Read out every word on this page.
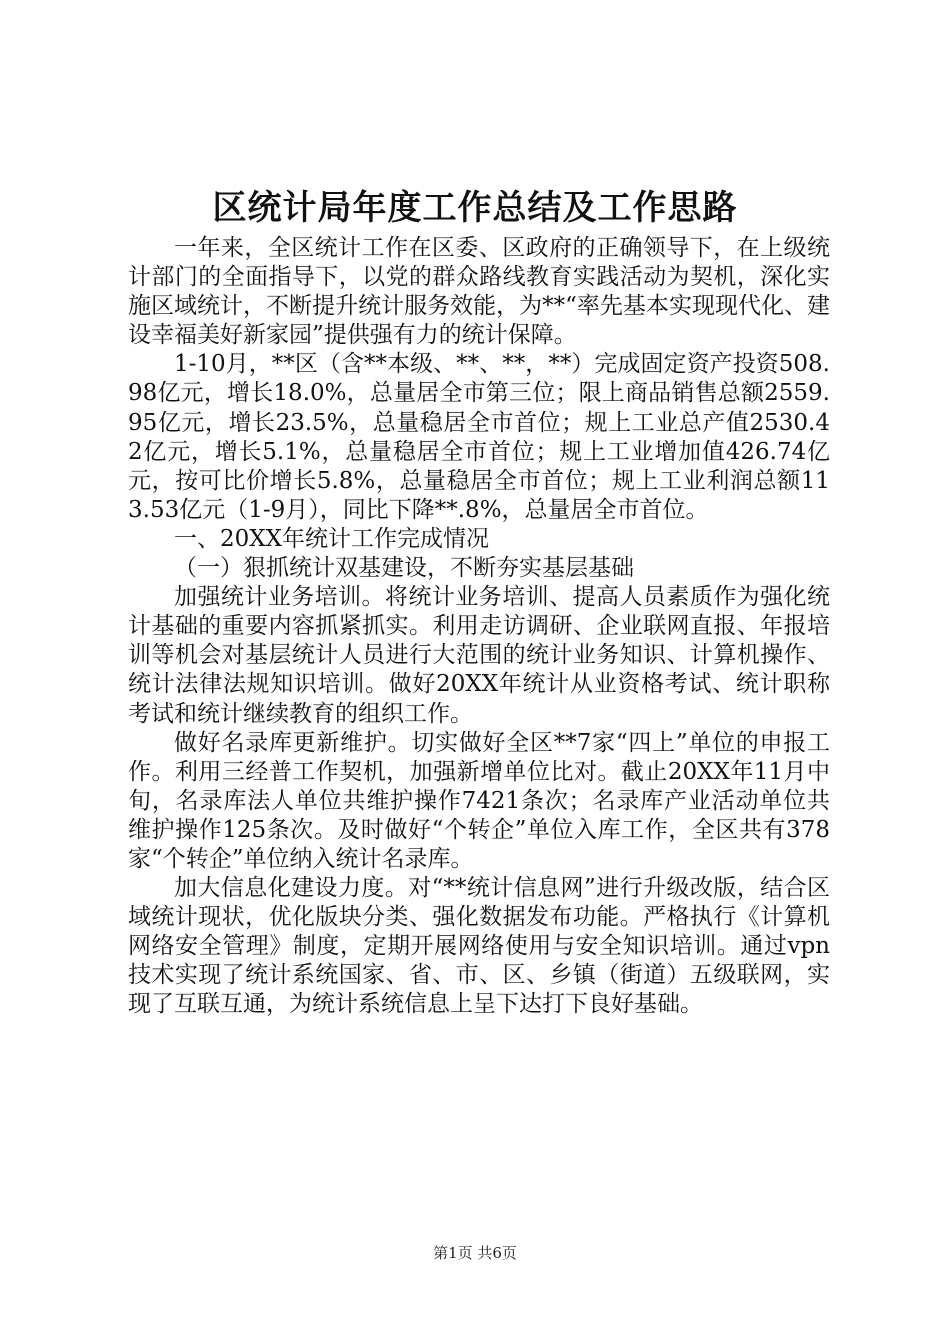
区统计局年度工作总结及工作思路

一年来，全区统计工作在区委、区政府的正确领导下，在上级统计部门的全面指导下，以党的群众路线教育实践活动为契机，深化实施区域统计，不断提升统计服务效能，为**“率先基本实现现代化、建设幸福美好新家园”提供强有力的统计保障。

1-10月，**区（含**本级、**、**，**）完成固定资产投资508.98亿元，增长18.0%，总量居全市第三位；限上商品销售总额2559.95亿元，增长23.5%，总量稳居全市首位；规上工业总产值2530.42亿元，增长5.1%，总量稳居全市首位；规上工业增加值426.74亿元，按可比价增长5.8%，总量稳居全市首位；规上工业利润总额113.53亿元（1-9月），同比下降**.8%，总量居全市首位。

一、20XX年统计工作完成情况

（一）狠抓统计双基建设，不断夯实基层基础

加强统计业务培训。将统计业务培训、提高人员素质作为强化统计基础的重要内容抓紧抓实。利用走访调研、企业联网直报、年报培训等机会对基层统计人员进行大范围的统计业务知识、计算机操作、统计法律法规知识培训。做好20XX年统计从业资格考试、统计职称考试和统计继续教育的组织工作。

做好名录库更新维护。切实做好全区**7家“四上”单位的申报工作。利用三经普工作契机，加强新增单位比对。截止20XX年11月中旬，名录库法人单位共维护操作7421条次；名录库产业活动单位共维护操作125条次。及时做好“个转企”单位入库工作，全区共有378家“个转企”单位纳入统计名录库。

加大信息化建设力度。对“**统计信息网”进行升级改版，结合区域统计现状，优化版块分类、强化数据发布功能。严格执行《计算机网络安全管理》制度，定期开展网络使用与安全知识培训。通过vpn技术实现了统计系统国家、省、市、区、乡镇（街道）五级联网，实现了互联互通，为统计系统信息上呈下达打下良好基础。

第1页 共6页
